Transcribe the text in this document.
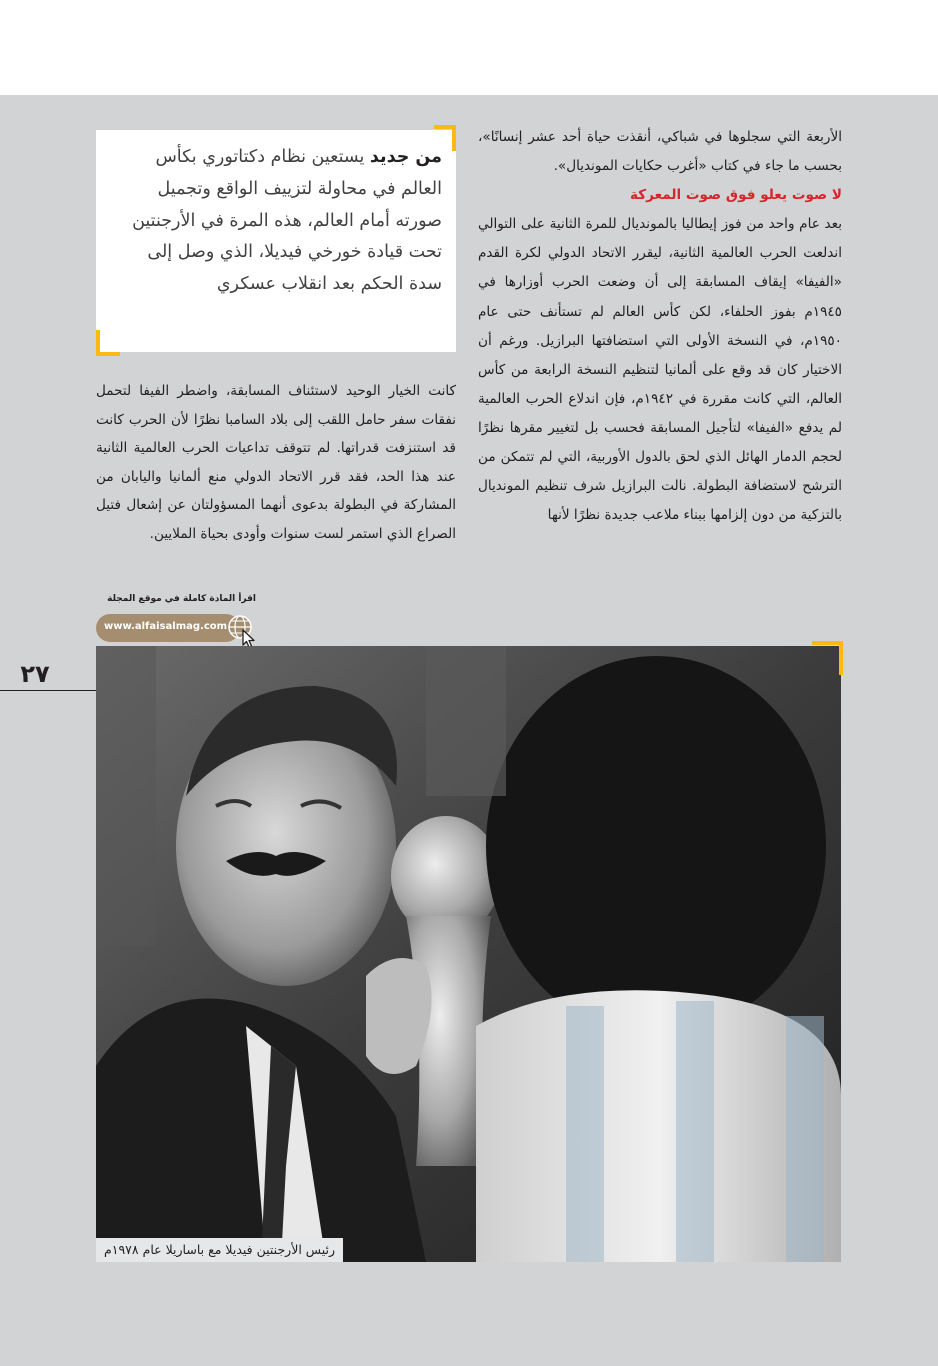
الأربعة التي سجلوها في شباكي، أنقذت حياة أحد عشر إنسانًا»، بحسب ما جاء في كتاب «أغرب حكايات المونديال».

لا صوت يعلو فوق صوت المعركة

بعد عام واحد من فوز إيطاليا بالمونديال للمرة الثانية على التوالي اندلعت الحرب العالمية الثانية، ليقرر الاتحاد الدولي لكرة القدم «الفيفا» إيقاف المسابقة إلى أن وضعت الحرب أوزارها في ١٩٤٥م بفوز الحلفاء، لكن كأس العالم لم تستأنف حتى عام ١٩٥٠م، في النسخة الأولى التي استضافتها البرازيل. ورغم أن الاختيار كان قد وقع على ألمانيا لتنظيم النسخة الرابعة من كأس العالم، التي كانت مقررة في ١٩٤٢م، فإن اندلاع الحرب العالمية لم يدفع «الفيفا» لتأجيل المسابقة فحسب بل لتغيير مقرها نظرًا لحجم الدمار الهائل الذي لحق بالدول الأوربية، التي لم تتمكن من الترشح لاستضافة البطولة. نالت البرازيل شرف تنظيم المونديال بالتزكية من دون إلزامها ببناء ملاعب جديدة نظرًا لأنها

من جديد يستعين نظام دكتاتوري بكأس العالم في محاولة لتزييف الواقع وتجميل صورته أمام العالم، هذه المرة في الأرجنتين تحت قيادة خورخي فيديلا، الذي وصل إلى سدة الحكم بعد انقلاب عسكري

كانت الخيار الوحيد لاستئناف المسابقة، واضطر الفيفا لتحمل نفقات سفر حامل اللقب إلى بلاد السامبا نظرًا لأن الحرب كانت قد استنزفت قدراتها. لم تتوقف تداعيات الحرب العالمية الثانية عند هذا الحد، فقد قرر الاتحاد الدولي منع ألمانيا واليابان من المشاركة في البطولة بدعوى أنهما المسؤولتان عن إشعال فتيل الصراع الذي استمر لست سنوات وأودى بحياة الملايين.

اقرأ المادة كاملة في موقع المجلة
www.alfaisalmag.com
٢٧
رئيس الأرجنتين فيديلا مع باساريلا عام ١٩٧٨م
